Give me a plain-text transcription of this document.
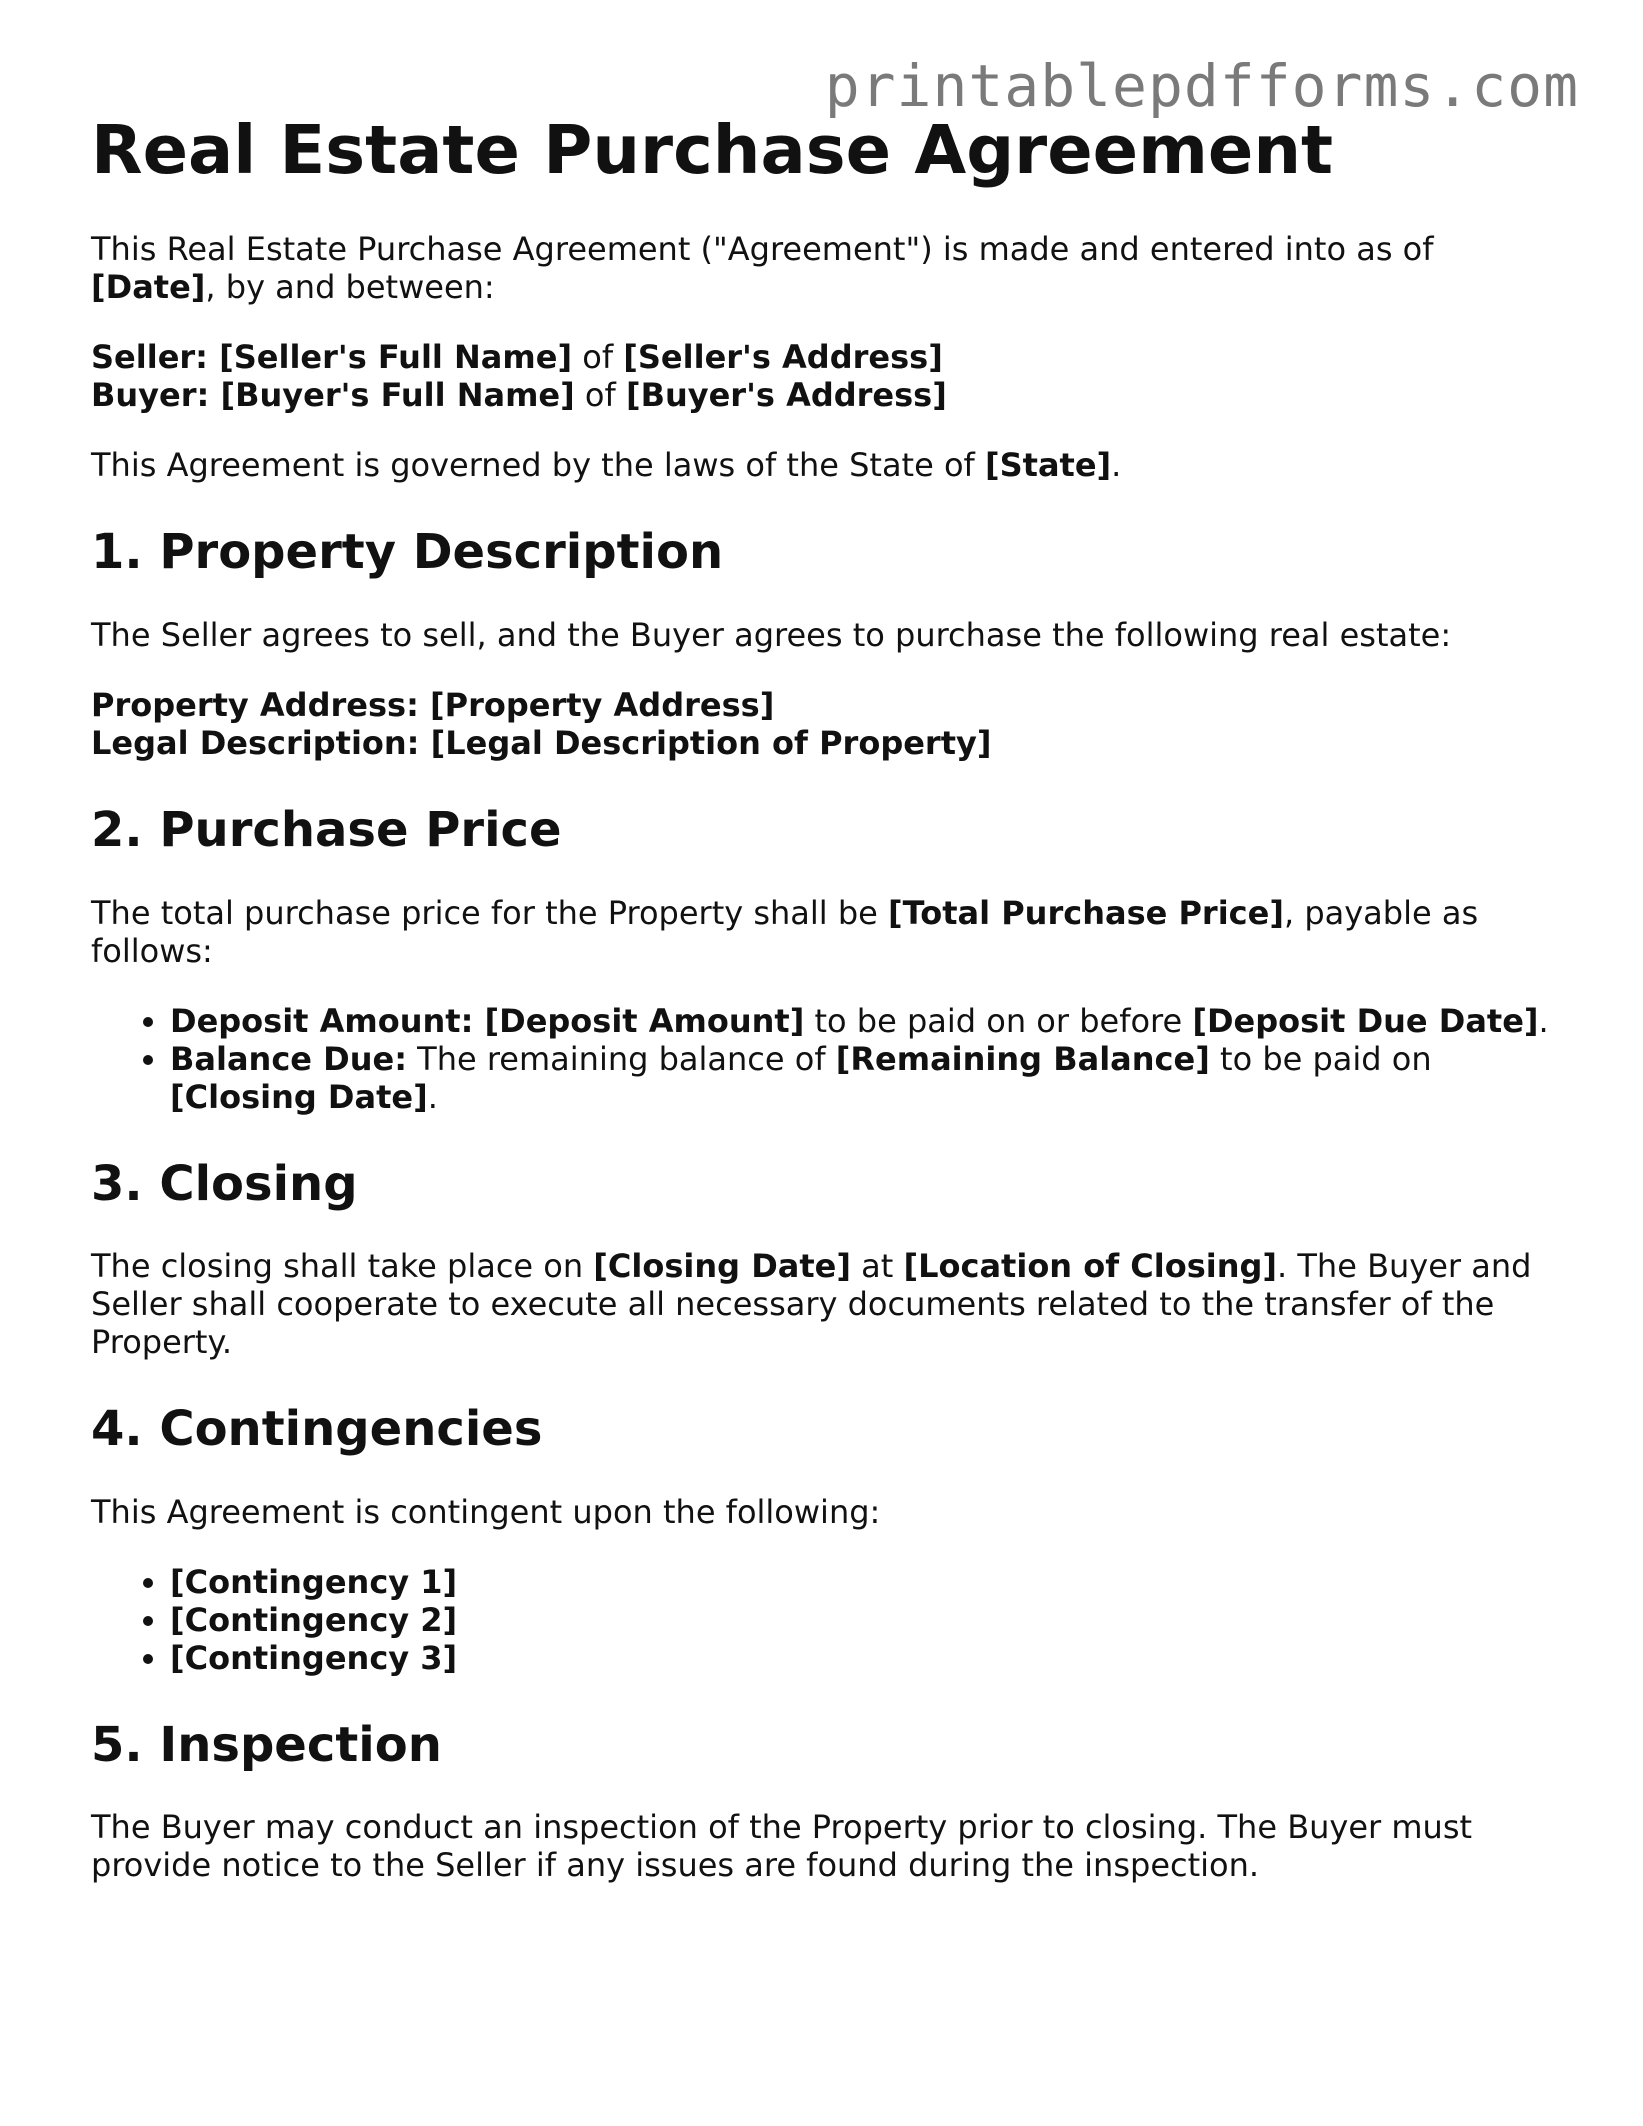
printablepdfforms.com
Real Estate Purchase Agreement

This Real Estate Purchase Agreement ("Agreement") is made and entered into as of
[Date], by and between:

Seller: [Seller's Full Name] of [Seller's Address]
Buyer: [Buyer's Full Name] of [Buyer's Address]

This Agreement is governed by the laws of the State of [State].

1. Property Description

The Seller agrees to sell, and the Buyer agrees to purchase the following real estate:

Property Address: [Property Address]
Legal Description: [Legal Description of Property]

2. Purchase Price

The total purchase price for the Property shall be [Total Purchase Price], payable as follows:

• Deposit Amount: [Deposit Amount] to be paid on or before [Deposit Due Date].
• Balance Due: The remaining balance of [Remaining Balance] to be paid on [Closing Date].
3. Closing

The closing shall take place on [Closing Date] at [Location of Closing]. The Buyer and Seller shall cooperate to execute all necessary documents related to the transfer of the Property.

4. Contingencies

This Agreement is contingent upon the following:

• [Contingency 1]
• [Contingency 2]
• [Contingency 3]
5. Inspection

The Buyer may conduct an inspection of the Property prior to closing. The Buyer must provide notice to the Seller if any issues are found during the inspection.
